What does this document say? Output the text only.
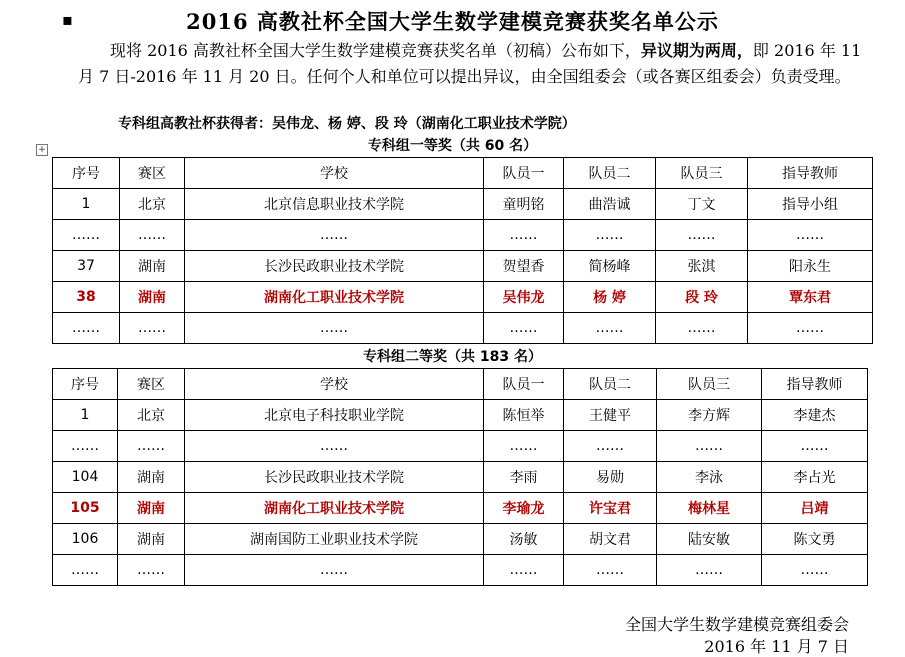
▪	2016 高教社杯全国大学生数学建模竞赛获奖名单公示
现将 2016 高教社杯全国大学生数学建模竞赛获奖名单（初稿）公布如下，异议期为两周，即 2016 年 11 月 7 日-2016 年 11 月 20 日。任何个人和单位可以提出异议，由全国组委会（或各赛区组委会）负责受理。
专科组高教社杯获得者：吴伟龙、杨 婷、段 玲（湖南化工职业技术学院）
+	专科组一等奖（共 60 名）
序号	赛区	学校	队员一	队员二	队员三	指导教师
1	北京	北京信息职业技术学院	童明铭	曲浩诚	丁文	指导小组
……	……	……	……	……	……	……
37	湖南	长沙民政职业技术学院	贺望香	简杨峰	张淇	阳永生
38	湖南	湖南化工职业技术学院	吴伟龙	杨 婷	段 玲	覃东君
……	……	……	……	……	……	……
专科组二等奖（共 183 名）
序号	赛区	学校	队员一	队员二	队员三	指导教师
1	北京	北京电子科技职业学院	陈恒举	王健平	李方辉	李建杰
……	……	……	……	……	……	……
104	湖南	长沙民政职业技术学院	李雨	易勋	李泳	李占光
105	湖南	湖南化工职业技术学院	李瑜龙	许宝君	梅林星	吕靖
106	湖南	湖南国防工业职业技术学院	汤敏	胡文君	陆安敏	陈文勇
……	……	……	……	……	……	……
全国大学生数学建模竞赛组委会
2016 年 11 月 7 日
